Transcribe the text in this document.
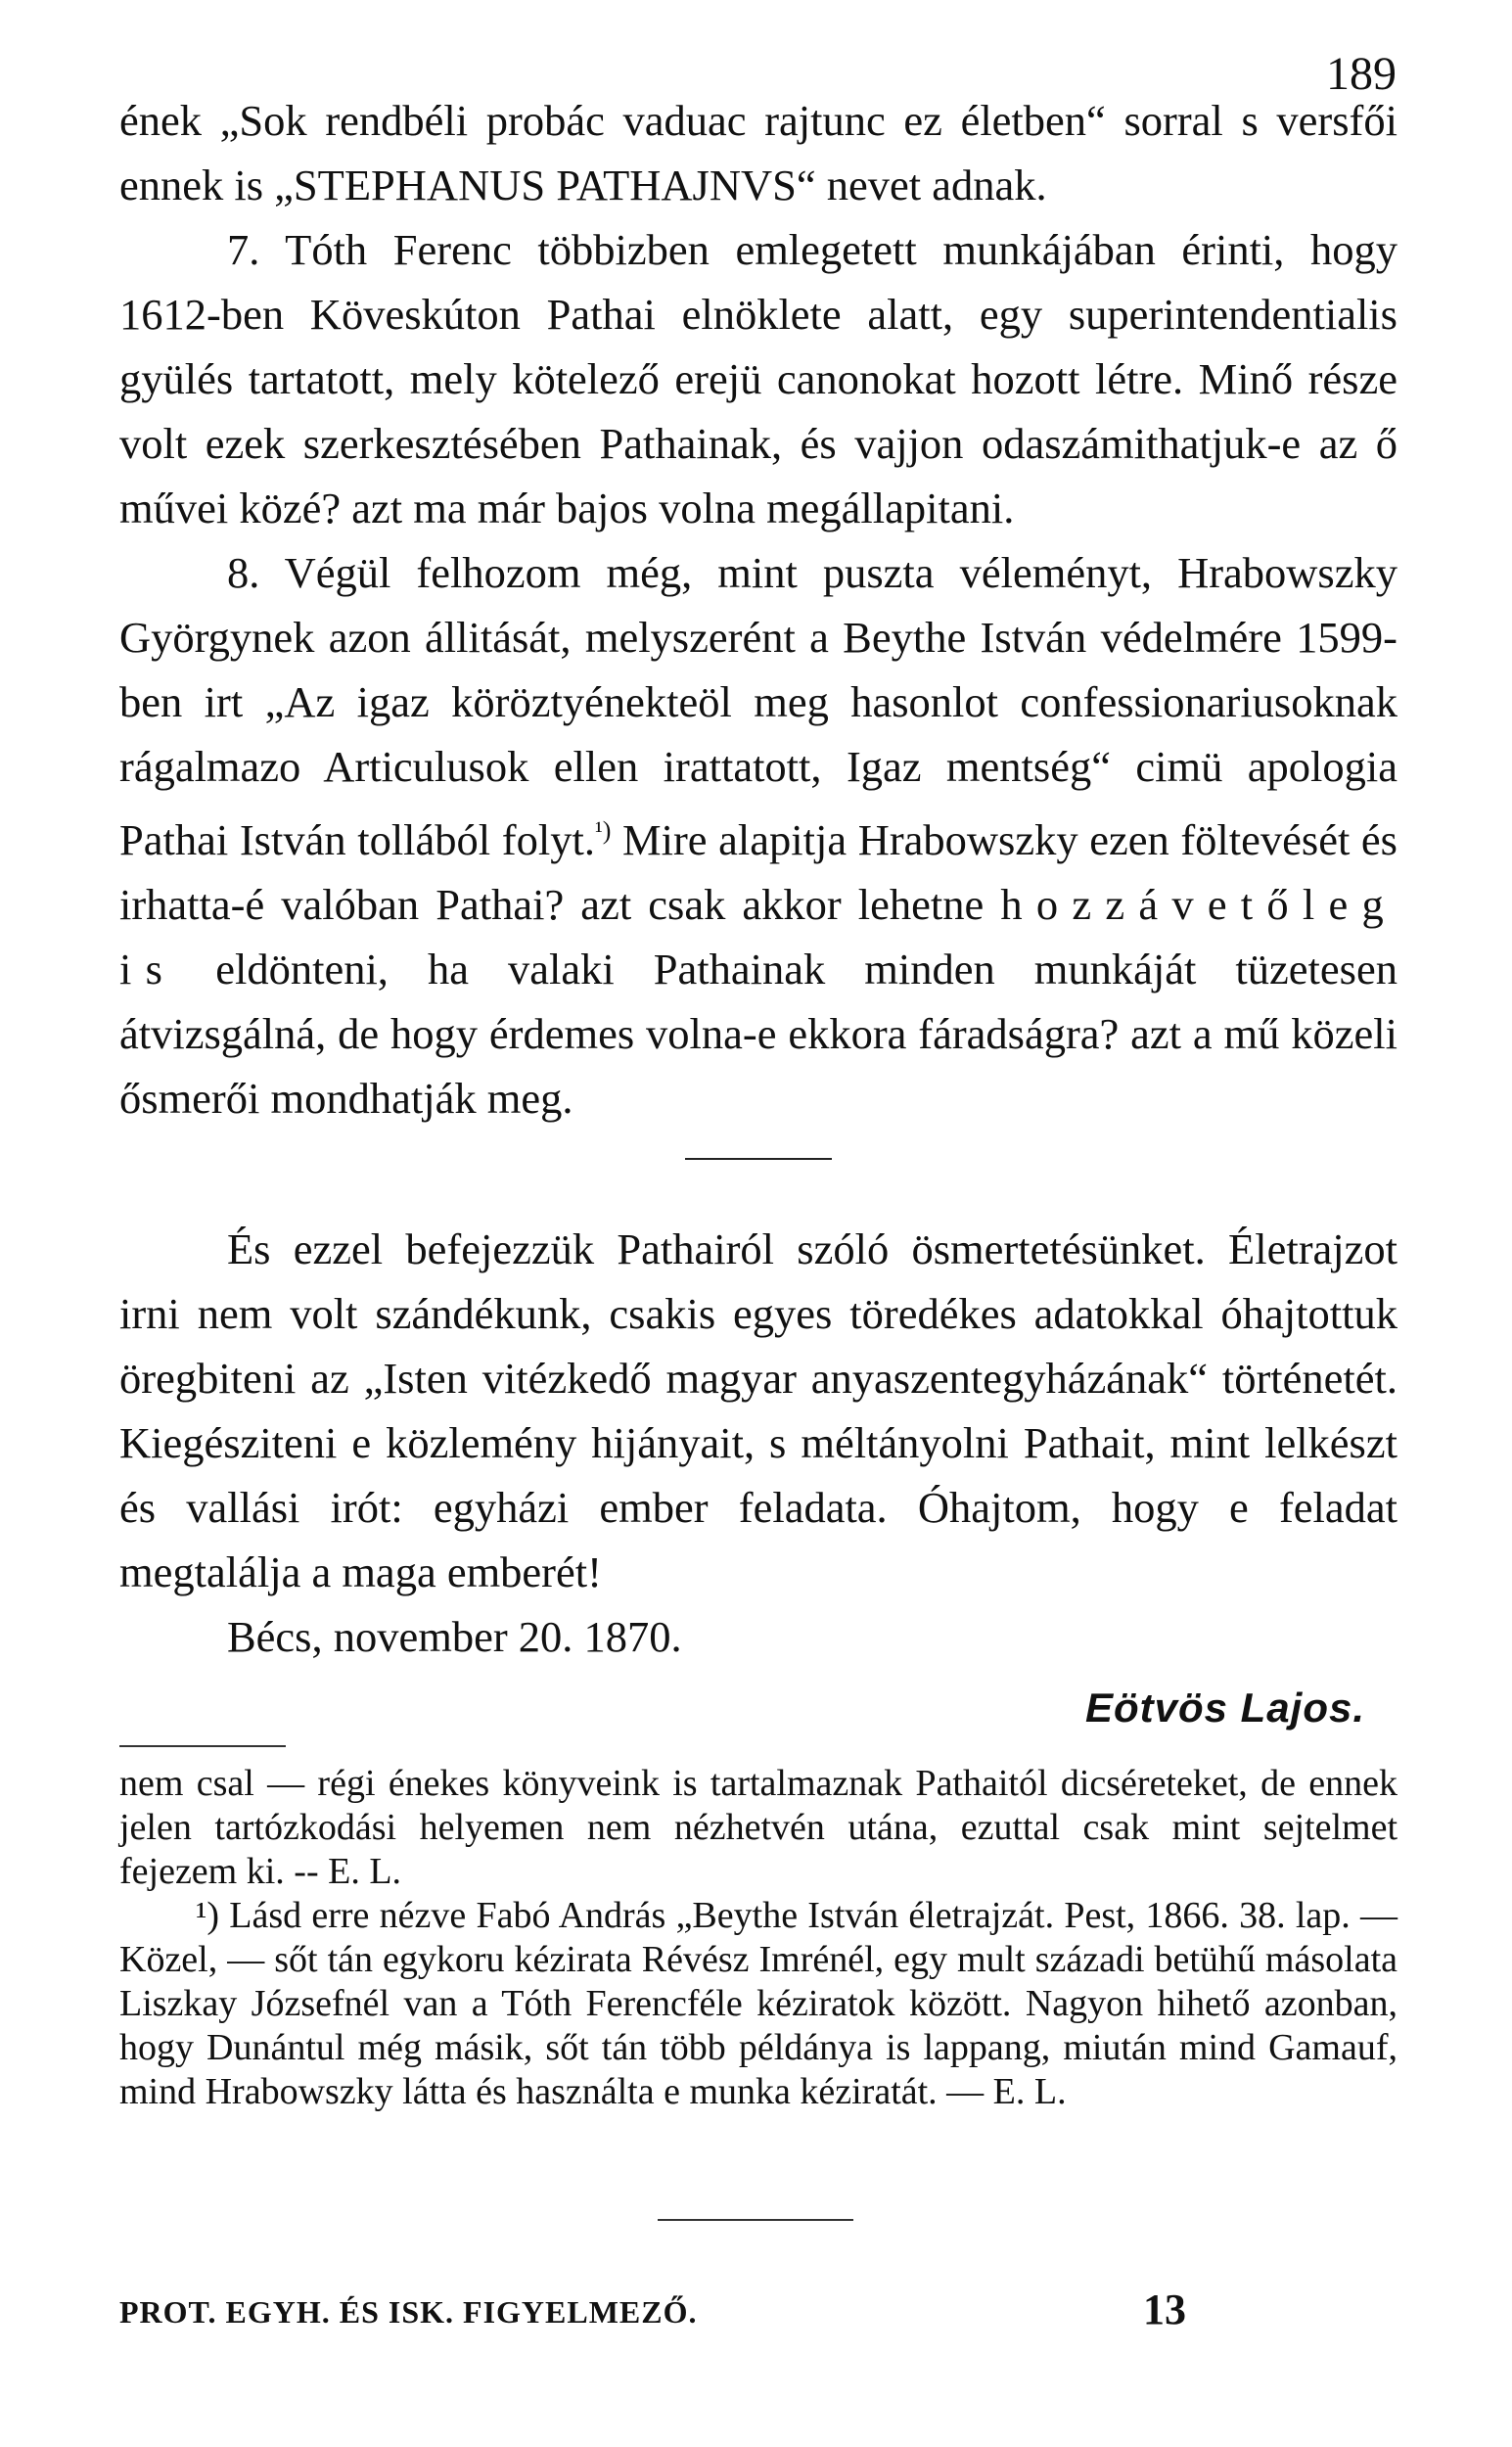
189

ének „Sok rendbéli probác vaduac rajtunc ez életben“ sorral s versfői ennek is „STEPHANUS PATHAJNVS“ nevet adnak.

7. Tóth Ferenc többizben emlegetett munkájában érinti, hogy 1612-ben Köveskúton Pathai elnöklete alatt, egy superintendentialis gyülés tartatott, mely kötelező erejü canonokat hozott létre. Minő része volt ezek szerkesztésében Pathainak, és vajjon odaszámithatjuk-e az ő művei közé? azt ma már bajos volna megállapitani.

8. Végül felhozom még, mint puszta véleményt, Hrabowszky Györgynek azon állitását, melyszerént a Beythe István védelmére 1599-ben irt „Az igaz köröztyénekteöl meg hasonlot confessionariusoknak rágalmazo Articulusok ellen irattatott, Igaz mentség“ cimü apologia Pathai István tollából folyt.$^{^1)}$ Mire alapitja Hrabowszky ezen föltevését és irhatta-é valóban Pathai? azt csak akkor lehetne hozzávetőleg is eldönteni, ha valaki Pathainak minden munkáját tüzetesen átvizsgálná, de hogy érdemes volna-e ekkora fáradságra? azt a mű közeli ősmerői mondhatják meg.

És ezzel befejezzük Pathairól szóló ösmertetésünket. Életrajzot irni nem volt szándékunk, csakis egyes töredékes adatokkal óhajtottuk öregbiteni az „Isten vitézkedő magyar anyaszentegyházának“ történetét. Kiegésziteni e közlemény hijányait, s méltányolni Pathait, mint lelkészt és vallási irót: egyházi ember feladata. Óhajtom, hogy e feladat megtalálja a maga emberét!

Bécs, november 20. 1870.

Eötvös Lajos.

nem csal — régi énekes könyveink is tartalmaznak Pathaitól dicséreteket, de ennek jelen tartózkodási helyemen nem nézhetvén utána, ezuttal csak mint sejtelmet fejezem ki. -- E. L.

¹) Lásd erre nézve Fabó András „Beythe István életrajzát. Pest, 1866. 38. lap. — Közel, — sőt tán egykoru kézirata Révész Imrénél, egy mult századi betühű másolata Liszkay Józsefnél van a Tóth Ferencféle kéziratok között. Nagyon hihető azonban, hogy Dunántul még másik, sőt tán több példánya is lappang, miután mind Gamauf, mind Hrabowszky látta és használta e munka kéziratát. — E. L.

PROT. EGYH. ÉS ISK. FIGYELMEZŐ.	13
